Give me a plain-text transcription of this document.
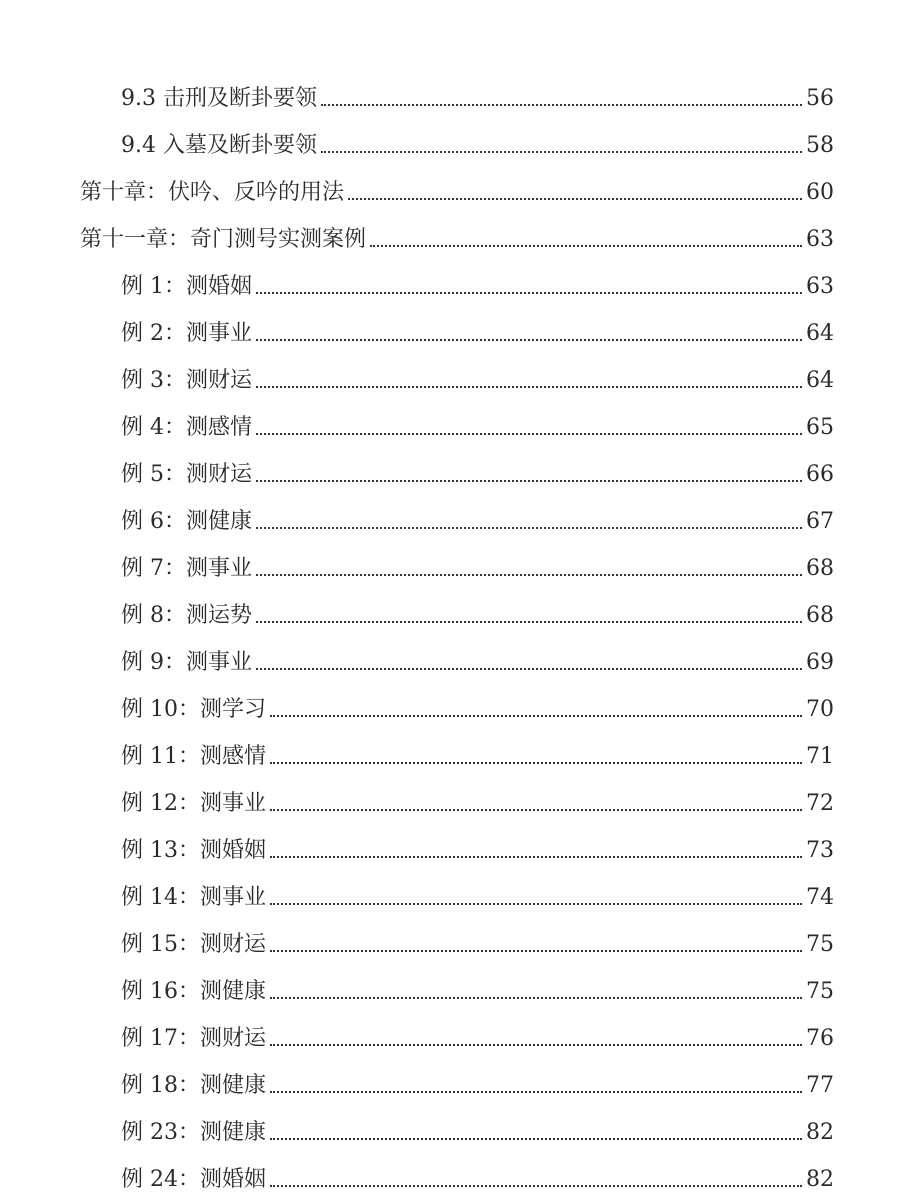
9.3 击刑及断卦要领	56
9.4 入墓及断卦要领	58
第十章：伏吟、反吟的用法	60
第十一章：奇门测号实测案例	63
例 1：测婚姻	63
例 2：测事业	64
例 3：测财运	64
例 4：测感情	65
例 5：测财运	66
例 6：测健康	67
例 7：测事业	68
例 8：测运势	68
例 9：测事业	69
例 10：测学习	70
例 11：测感情	71
例 12：测事业	72
例 13：测婚姻	73
例 14：测事业	74
例 15：测财运	75
例 16：测健康	75
例 17：测财运	76
例 18：测健康	77
例 23：测健康	82
例 24：测婚姻	82
